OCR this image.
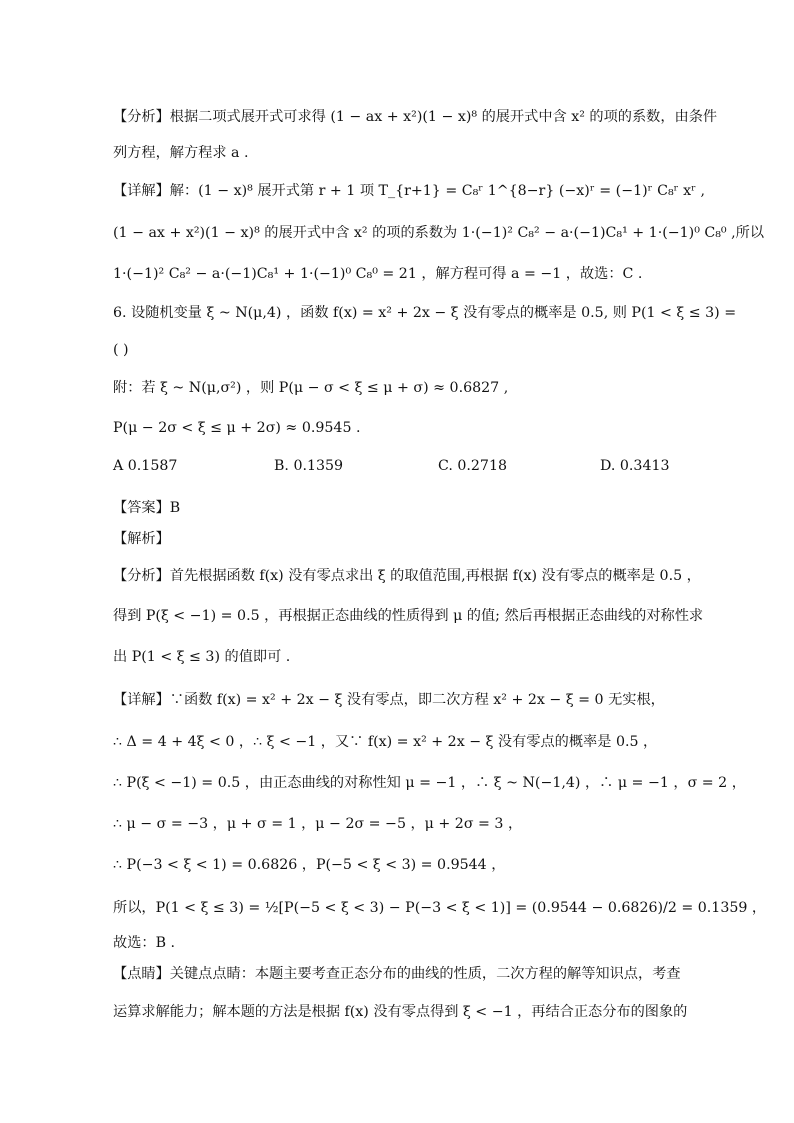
【分析】根据二项式展开式可求得 (1 − ax + x²)(1 − x)⁸ 的展开式中含 x² 的项的系数，由条件
列方程，解方程求 a .
【详解】解：(1 − x)⁸ 展开式第 r + 1 项 T_{r+1} = C₈ʳ 1^{8−r} (−x)ʳ = (−1)ʳ C₈ʳ xʳ ,
(1 − ax + x²)(1 − x)⁸ 的展开式中含 x² 的项的系数为 1·(−1)² C₈² − a·(−1)C₈¹ + 1·(−1)⁰ C₈⁰ ,所以
1·(−1)² C₈² − a·(−1)C₈¹ + 1·(−1)⁰ C₈⁰ = 21 ，解方程可得 a = −1 ，故选：C .
6. 设随机变量 ξ ~ N(μ,4) ，函数 f(x) = x² + 2x − ξ 没有零点的概率是 0.5, 则 P(1 < ξ ≤ 3) =
( )
附：若 ξ ~ N(μ,σ²) ，则 P(μ − σ < ξ ≤ μ + σ) ≈ 0.6827 ,
P(μ − 2σ < ξ ≤ μ + 2σ) ≈ 0.9545 .
A 0.1587	B. 0.1359	C. 0.2718	D. 0.3413
【答案】B
【解析】
【分析】首先根据函数 f(x) 没有零点求出 ξ 的取值范围,再根据 f(x) 没有零点的概率是 0.5 ，
得到 P(ξ < −1) = 0.5 ，再根据正态曲线的性质得到 μ 的值; 然后再根据正态曲线的对称性求
出 P(1 < ξ ≤ 3) 的值即可 .
【详解】∵函数 f(x) = x² + 2x − ξ 没有零点，即二次方程 x² + 2x − ξ = 0 无实根，
∴ Δ = 4 + 4ξ < 0 ，∴ ξ < −1 ，又∵ f(x) = x² + 2x − ξ 没有零点的概率是 0.5 ，
∴ P(ξ < −1) = 0.5 ，由正态曲线的对称性知 μ = −1 ，∴ ξ ~ N(−1,4) ，∴ μ = −1 ，σ = 2 ，
∴ μ − σ = −3 ，μ + σ = 1 ，μ − 2σ = −5 ，μ + 2σ = 3 ，
∴ P(−3 < ξ < 1) = 0.6826 ，P(−5 < ξ < 3) = 0.9544 ，
所以，P(1 < ξ ≤ 3) = ½[P(−5 < ξ < 3) − P(−3 < ξ < 1)] = (0.9544 − 0.6826)/2 = 0.1359 ，
故选：B .
【点睛】关键点点睛：本题主要考查正态分布的曲线的性质，二次方程的解等知识点，考查
运算求解能力；解本题的方法是根据 f(x) 没有零点得到 ξ < −1 ，再结合正态分布的图象的
